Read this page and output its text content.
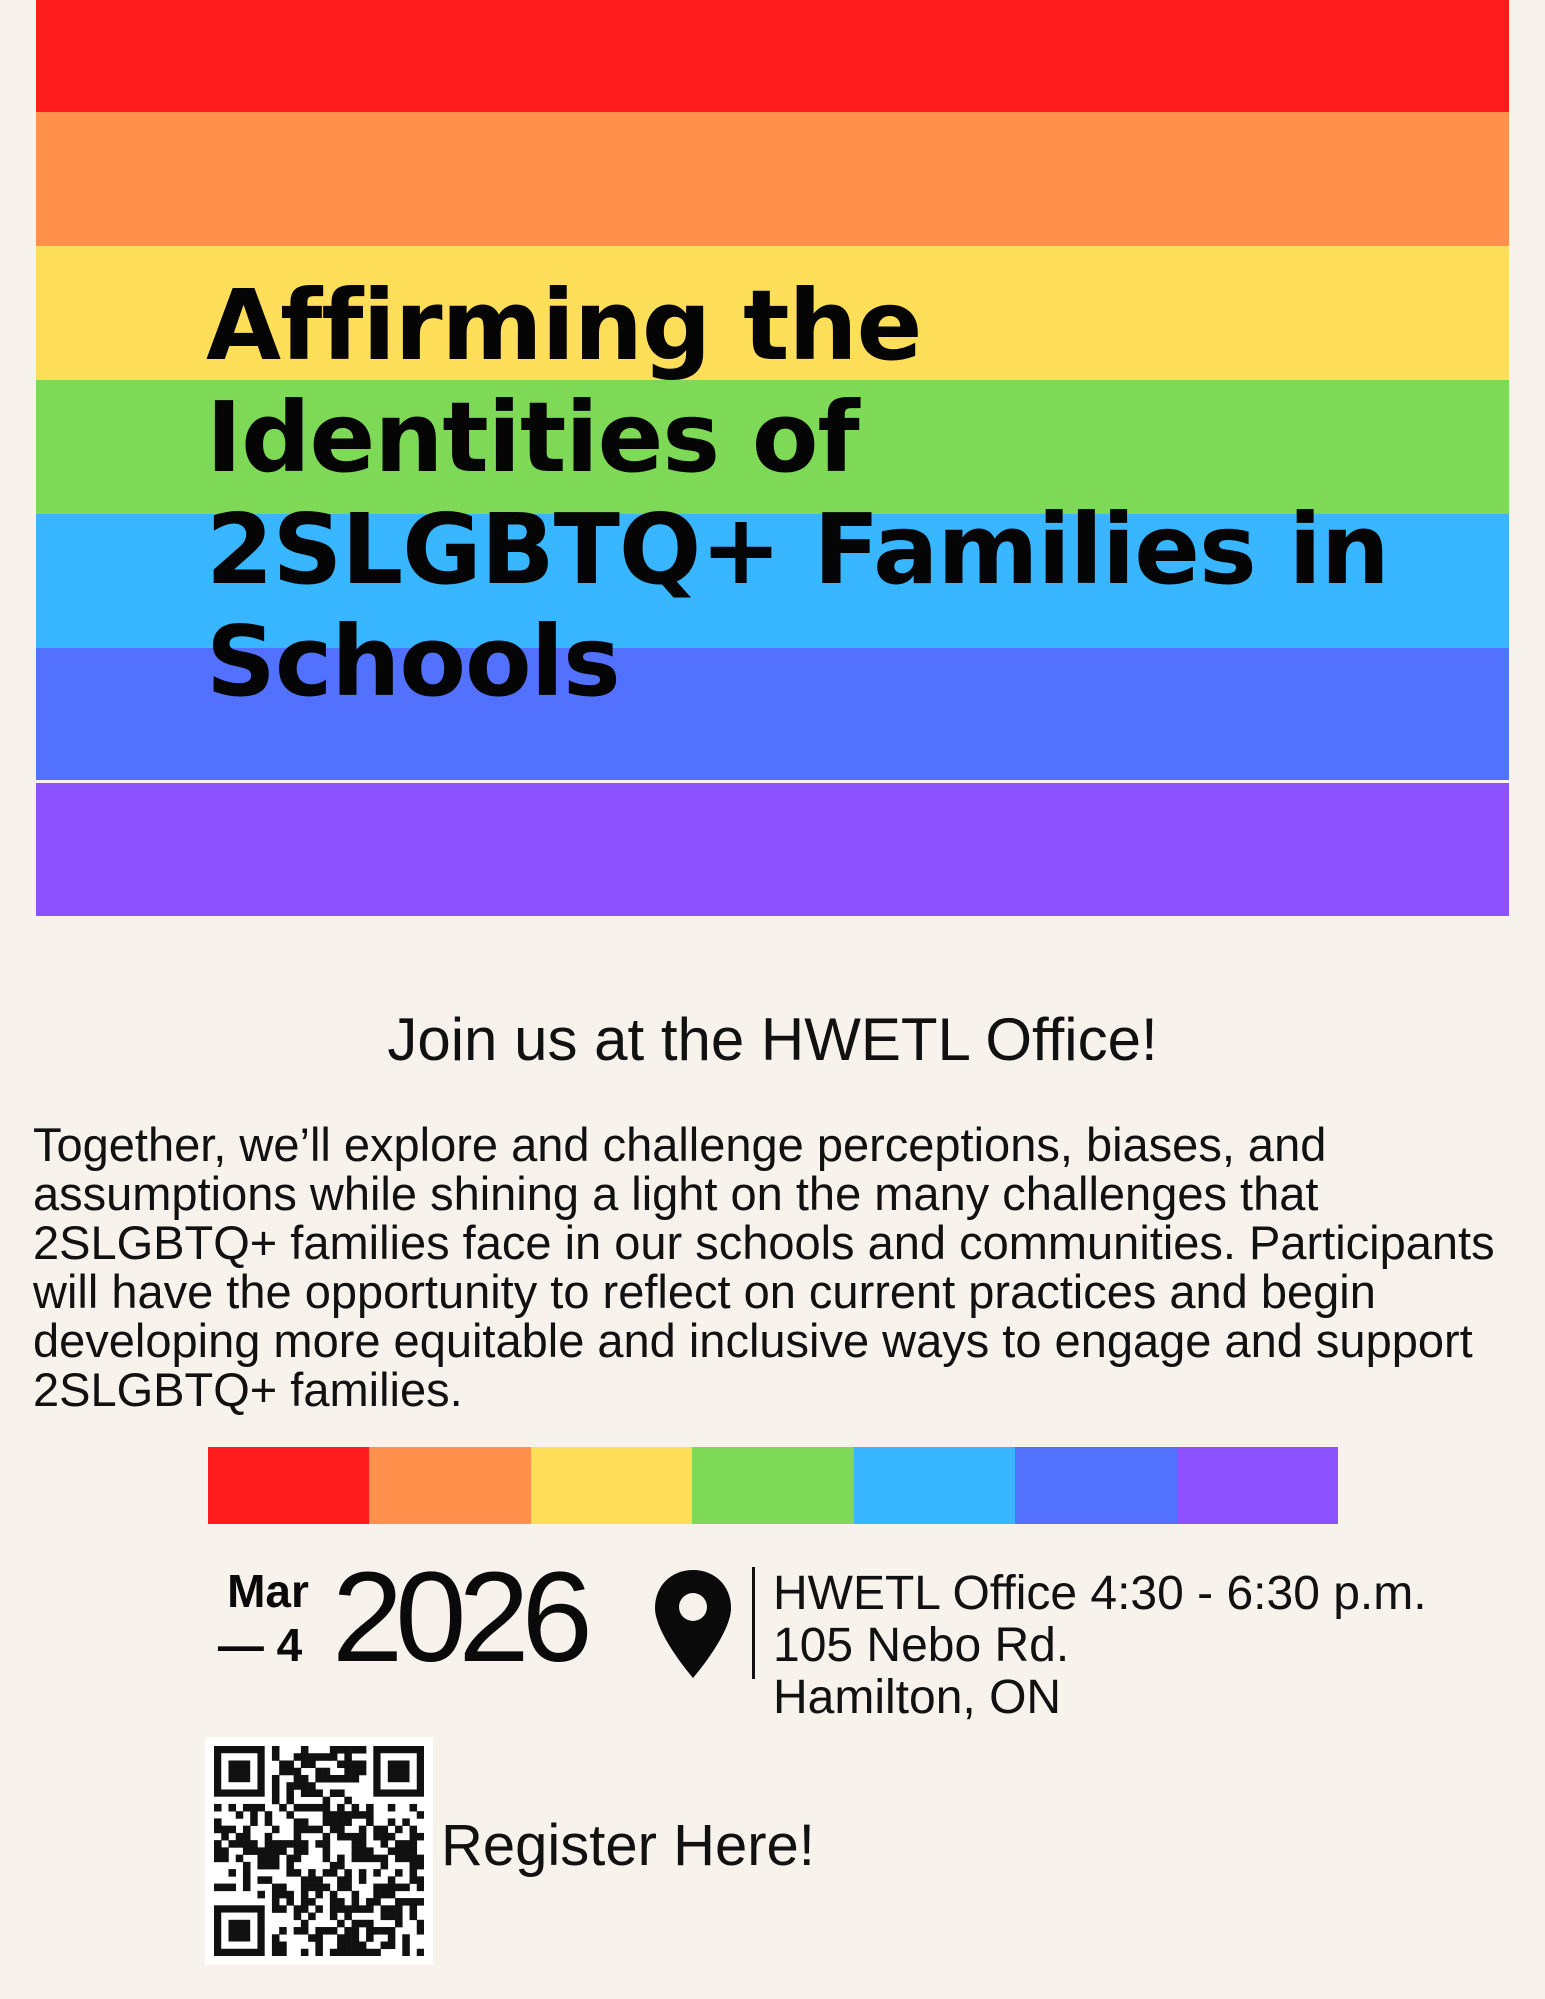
Affirming the Identities of 2SLGBTQ+ Families in Schools
Join us at the HWETL Office!

Together, we’ll explore and challenge perceptions, biases, and assumptions while shining a light on the many challenges that 2SLGBTQ+ families face in our schools and communities. Participants will have the opportunity to reflect on current practices and begin developing more equitable and inclusive ways to engage and support 2SLGBTQ+ families.

Mar
— 4 2026	HWETL Office 4:30 - 6:30 p.m.
105 Nebo Rd.
Hamilton, ON
Register Here!
